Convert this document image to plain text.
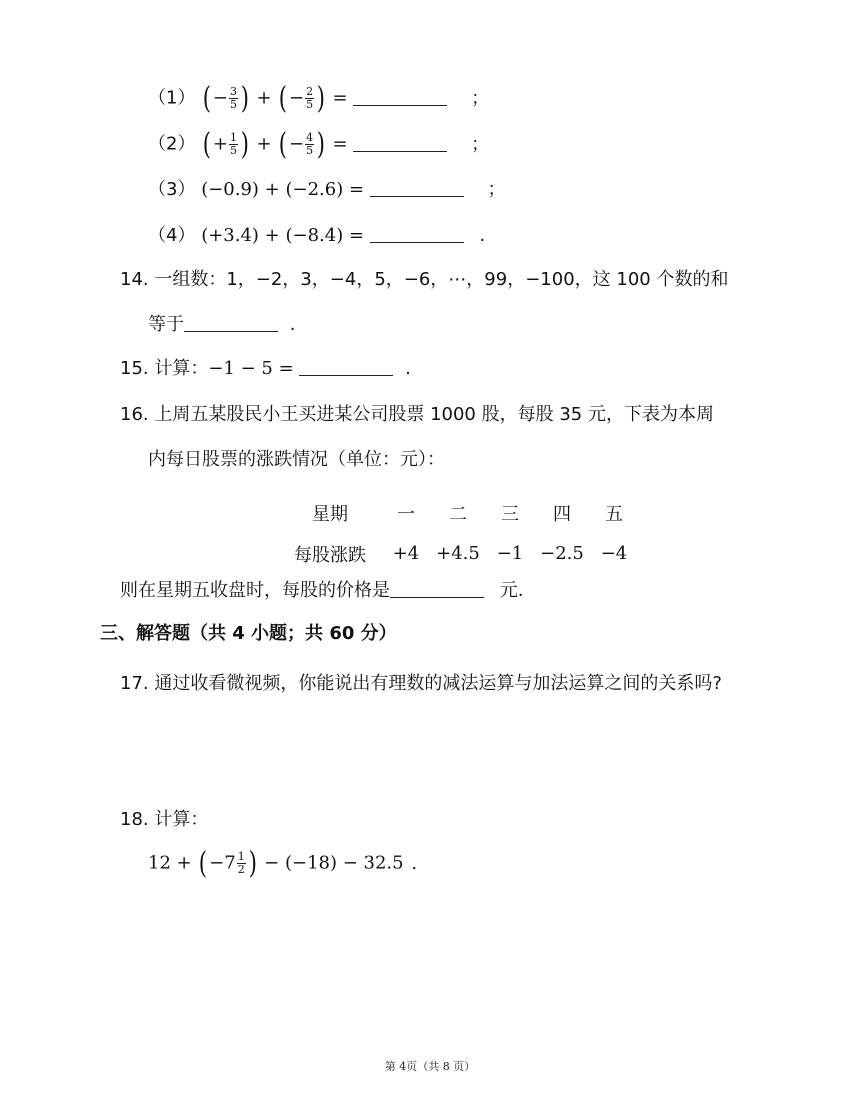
（1） (− $\frac{3}{5}$ ) + (− $\frac{2}{5}$ ) =	；
（2） (+ $\frac{1}{5}$ ) + (− $\frac{4}{5}$ ) =	；
（3） (−0.9) + (−2.6) =	；
（4） (+3.4) + (−8.4) =	.
14. 一组数：1，−2，3，−4，5，−6，⋯，99，−100，这 100 个数的和
等于	.
15. 计算：−1 − 5 =	.
16. 上周五某股民小王买进某公司股票 1000 股，每股 35 元，下表为本周
内每日股票的涨跌情况（单位：元）：
星期	一	二	三	四	五
每股涨跌	+4	+4.5	−1	−2.5	−4
则在星期五收盘时，每股的价格是	元.
三、解答题（共 4 小题；共 60 分）
17. 通过收看微视频，你能说出有理数的减法运算与加法运算之间的关系吗?
18. 计算：
$12 + (-7 \frac{1}{2}$ ) − (−18) − 32.5 .
第 4页（共 8 页）
